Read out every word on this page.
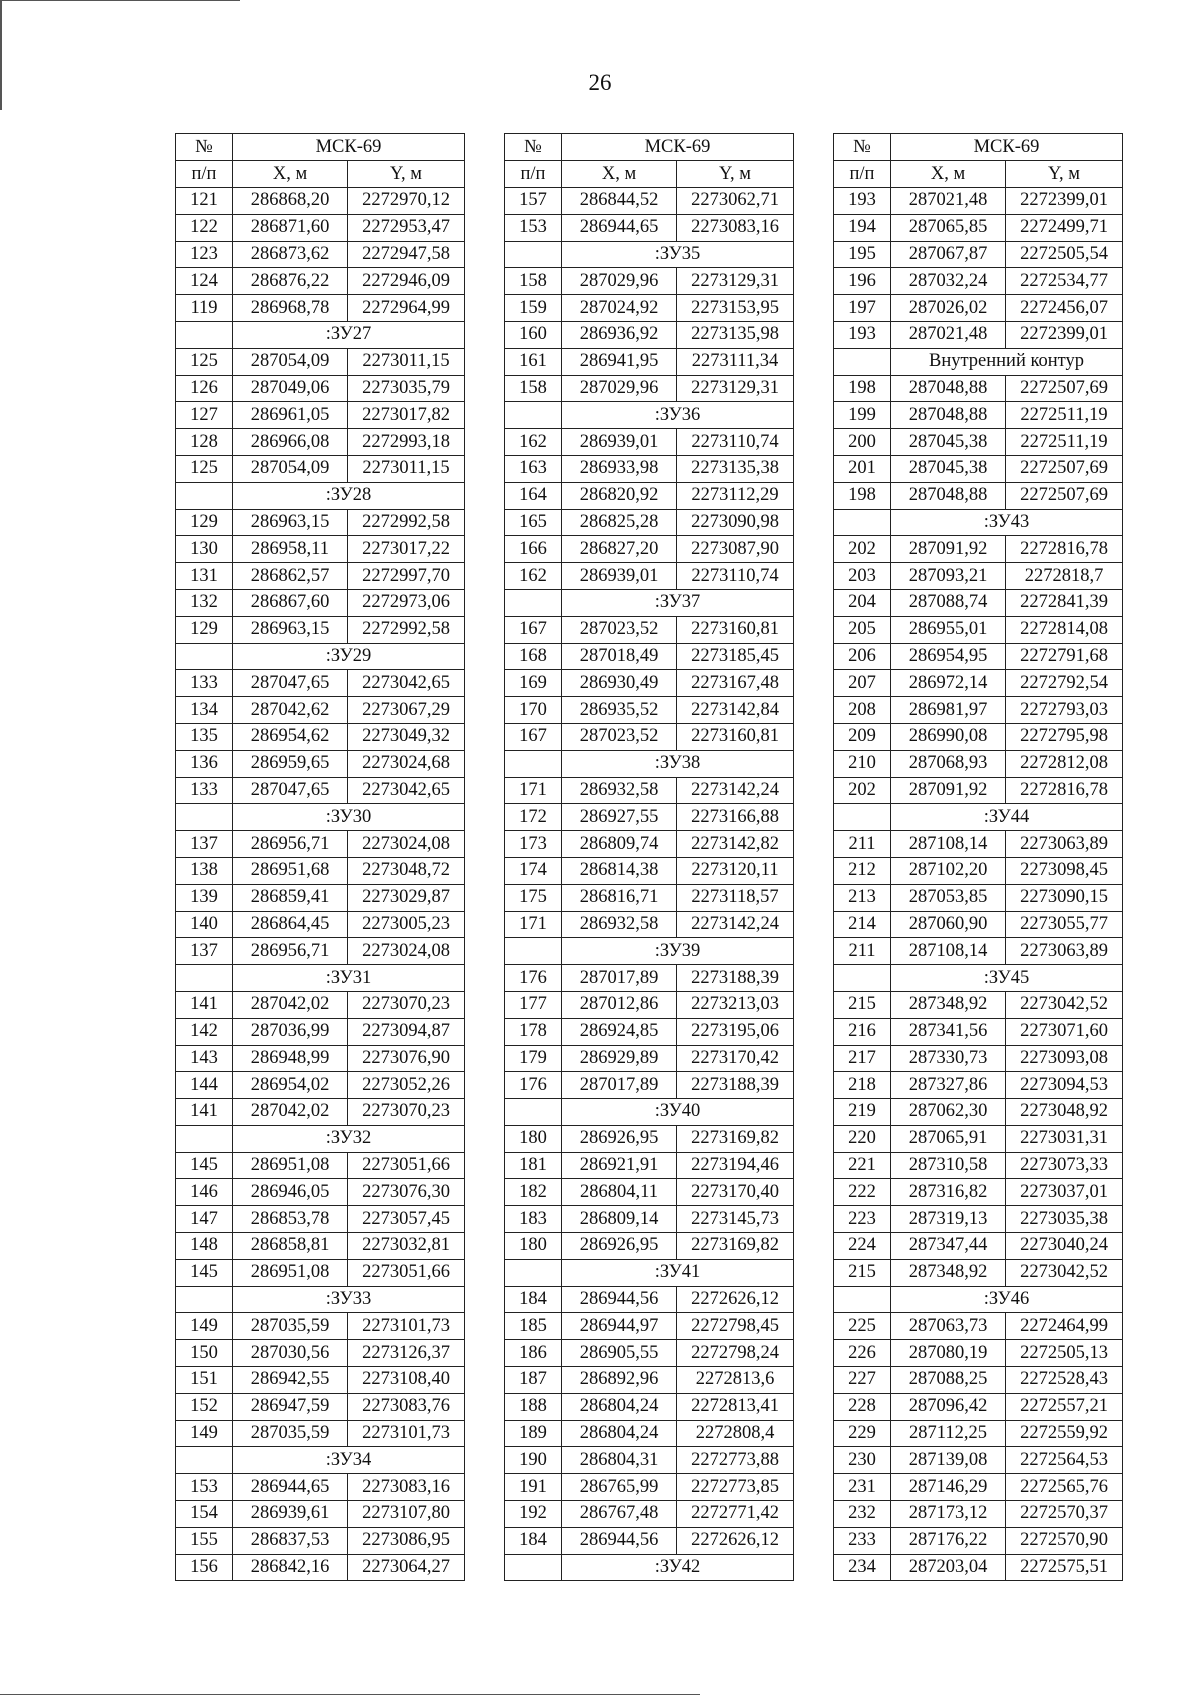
26
№	МСК-69	
п/п	X, м	Y, м
121	286868,20	2272970,12
122	286871,60	2272953,47
123	286873,62	2272947,58
124	286876,22	2272946,09
119	286968,78	2272964,99
	:ЗУ27	
125	287054,09	2273011,15
126	287049,06	2273035,79
127	286961,05	2273017,82
128	286966,08	2272993,18
125	287054,09	2273011,15
	:ЗУ28	
129	286963,15	2272992,58
130	286958,11	2273017,22
131	286862,57	2272997,70
132	286867,60	2272973,06
129	286963,15	2272992,58
	:ЗУ29	
133	287047,65	2273042,65
134	287042,62	2273067,29
135	286954,62	2273049,32
136	286959,65	2273024,68
133	287047,65	2273042,65
	:ЗУ30	
137	286956,71	2273024,08
138	286951,68	2273048,72
139	286859,41	2273029,87
140	286864,45	2273005,23
137	286956,71	2273024,08
	:ЗУ31	
141	287042,02	2273070,23
142	287036,99	2273094,87
143	286948,99	2273076,90
144	286954,02	2273052,26
141	287042,02	2273070,23
	:ЗУ32	
145	286951,08	2273051,66
146	286946,05	2273076,30
147	286853,78	2273057,45
148	286858,81	2273032,81
145	286951,08	2273051,66
	:ЗУ33	
149	287035,59	2273101,73
150	287030,56	2273126,37
151	286942,55	2273108,40
152	286947,59	2273083,76
149	287035,59	2273101,73
	:ЗУ34	
153	286944,65	2273083,16
154	286939,61	2273107,80
155	286837,53	2273086,95
156	286842,16	2273064,27
№	МСК-69	
п/п	X, м	Y, м
157	286844,52	2273062,71
153	286944,65	2273083,16
	:ЗУ35	
158	287029,96	2273129,31
159	287024,92	2273153,95
160	286936,92	2273135,98
161	286941,95	2273111,34
158	287029,96	2273129,31
	:ЗУ36	
162	286939,01	2273110,74
163	286933,98	2273135,38
164	286820,92	2273112,29
165	286825,28	2273090,98
166	286827,20	2273087,90
162	286939,01	2273110,74
	:ЗУ37	
167	287023,52	2273160,81
168	287018,49	2273185,45
169	286930,49	2273167,48
170	286935,52	2273142,84
167	287023,52	2273160,81
	:ЗУ38	
171	286932,58	2273142,24
172	286927,55	2273166,88
173	286809,74	2273142,82
174	286814,38	2273120,11
175	286816,71	2273118,57
171	286932,58	2273142,24
	:ЗУ39	
176	287017,89	2273188,39
177	287012,86	2273213,03
178	286924,85	2273195,06
179	286929,89	2273170,42
176	287017,89	2273188,39
	:ЗУ40	
180	286926,95	2273169,82
181	286921,91	2273194,46
182	286804,11	2273170,40
183	286809,14	2273145,73
180	286926,95	2273169,82
	:ЗУ41	
184	286944,56	2272626,12
185	286944,97	2272798,45
186	286905,55	2272798,24
187	286892,96	2272813,6
188	286804,24	2272813,41
189	286804,24	2272808,4
190	286804,31	2272773,88
191	286765,99	2272773,85
192	286767,48	2272771,42
184	286944,56	2272626,12
	:ЗУ42	
№	МСК-69	
п/п	X, м	Y, м
193	287021,48	2272399,01
194	287065,85	2272499,71
195	287067,87	2272505,54
196	287032,24	2272534,77
197	287026,02	2272456,07
193	287021,48	2272399,01
	Внутренний контур	
198	287048,88	2272507,69
199	287048,88	2272511,19
200	287045,38	2272511,19
201	287045,38	2272507,69
198	287048,88	2272507,69
	:ЗУ43	
202	287091,92	2272816,78
203	287093,21	2272818,7
204	287088,74	2272841,39
205	286955,01	2272814,08
206	286954,95	2272791,68
207	286972,14	2272792,54
208	286981,97	2272793,03
209	286990,08	2272795,98
210	287068,93	2272812,08
202	287091,92	2272816,78
	:ЗУ44	
211	287108,14	2273063,89
212	287102,20	2273098,45
213	287053,85	2273090,15
214	287060,90	2273055,77
211	287108,14	2273063,89
	:ЗУ45	
215	287348,92	2273042,52
216	287341,56	2273071,60
217	287330,73	2273093,08
218	287327,86	2273094,53
219	287062,30	2273048,92
220	287065,91	2273031,31
221	287310,58	2273073,33
222	287316,82	2273037,01
223	287319,13	2273035,38
224	287347,44	2273040,24
215	287348,92	2273042,52
	:ЗУ46	
225	287063,73	2272464,99
226	287080,19	2272505,13
227	287088,25	2272528,43
228	287096,42	2272557,21
229	287112,25	2272559,92
230	287139,08	2272564,53
231	287146,29	2272565,76
232	287173,12	2272570,37
233	287176,22	2272570,90
234	287203,04	2272575,51
